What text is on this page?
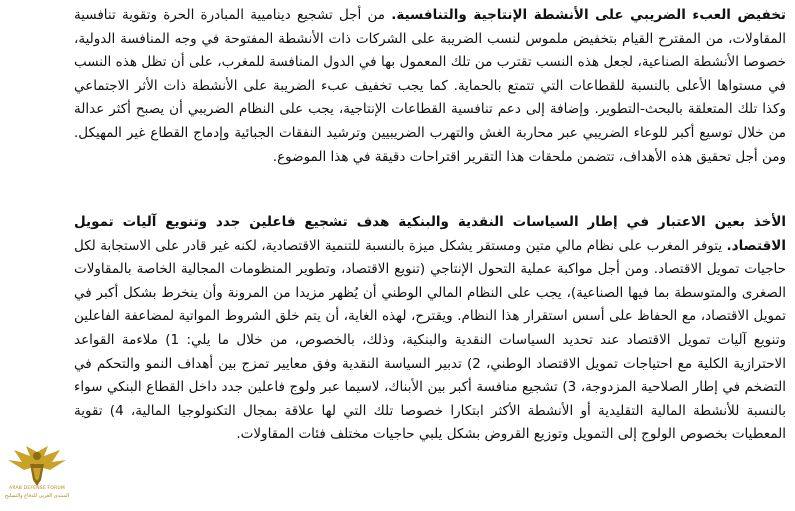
تخفيض العبء الضريبي على الأنشطة الإنتاجية والتنافسية. من أجل تشجيع ديناميية المبادرة الحرة وتقوية تنافسية المقاولات، من المقترح القيام بتخفيض ملموس لنسب الضريبة على الشركات ذات الأنشطة المفتوحة في وجه المنافسة الدولية، خصوصا الأنشطة الصناعية، لجعل هذه النسب تقترب من تلك المعمول بها في الدول المنافسة للمغرب، على أن تظل هذه النسب في مستواها الأعلى بالنسبة للقطاعات التي تتمتع بالحماية. كما يجب تخفيف عبء الضريبة على الأنشطة ذات الأثر الاجتماعي وكذا تلك المتعلقة بالبحث-التطوير. وإضافة إلى دعم تنافسية القطاعات الإنتاجية، يجب على النظام الضريبي أن يصبح أكثر عدالة من خلال توسيع أكبر للوعاء الضريبي عبر محاربة الغش والتهرب الضريبيين وترشيد النفقات الجبائية وإدماج القطاع غير المهيكل. ومن أجل تحقيق هذه الأهداف، تتضمن ملحقات هذا التقرير اقتراحات دقيقة في هذا الموضوع.

الأخذ بعين الاعتبار في إطار السياسات النقدية والبنكية هدف تشجيع فاعلين جدد وتنويع آليات تمويل الاقتصاد. يتوفر المغرب على نظام مالي متين ومستقر يشكل ميزة بالنسبة للتنمية الاقتصادية، لكنه غير قادر على الاستجابة لكل حاجيات تمويل الاقتصاد. ومن أجل مواكبة عملية التحول الإنتاجي (تنويع الاقتصاد، وتطوير المنظومات المجالية الخاصة بالمقاولات الصغرى والمتوسطة بما فيها الصناعية)، يجب على النظام المالي الوطني أن يُظهر مزيدا من المرونة وأن ينخرط بشكل أكبر في تمويل الاقتصاد، مع الحفاظ على أسس استقرار هذا النظام. ويقترح، لهذه الغاية، أن يتم خلق الشروط المواتية لمضاعفة الفاعلين وتنويع آليات تمويل الاقتصاد عند تحديد السياسات النقدية والبنكية، وذلك، بالخصوص، من خلال ما يلي: 1) ملاءمة القواعد الاحترازية الكلية مع احتياجات تمويل الاقتصاد الوطني، 2) تدبير السياسة النقدية وفق معايير تمزج بين أهداف النمو والتحكم في التضخم في إطار الصلاحية المزدوجة، 3) تشجيع منافسة أكبر بين الأبناك، لاسيما عبر ولوج فاعلين جدد داخل القطاع البنكي سواء بالنسبة للأنشطة المالية التقليدية أو الأنشطة الأكثر ابتكارا خصوصا تلك التي لها علاقة بمجال التكنولوجيا المالية، 4) تقوية المعطيات بخصوص الولوج إلى التمويل وتوزيع القروض بشكل يلبي حاجيات مختلف فئات المقاولات.

ARAB DEFENSE FORUM
المنتدى العربي للدفاع والتسليح
